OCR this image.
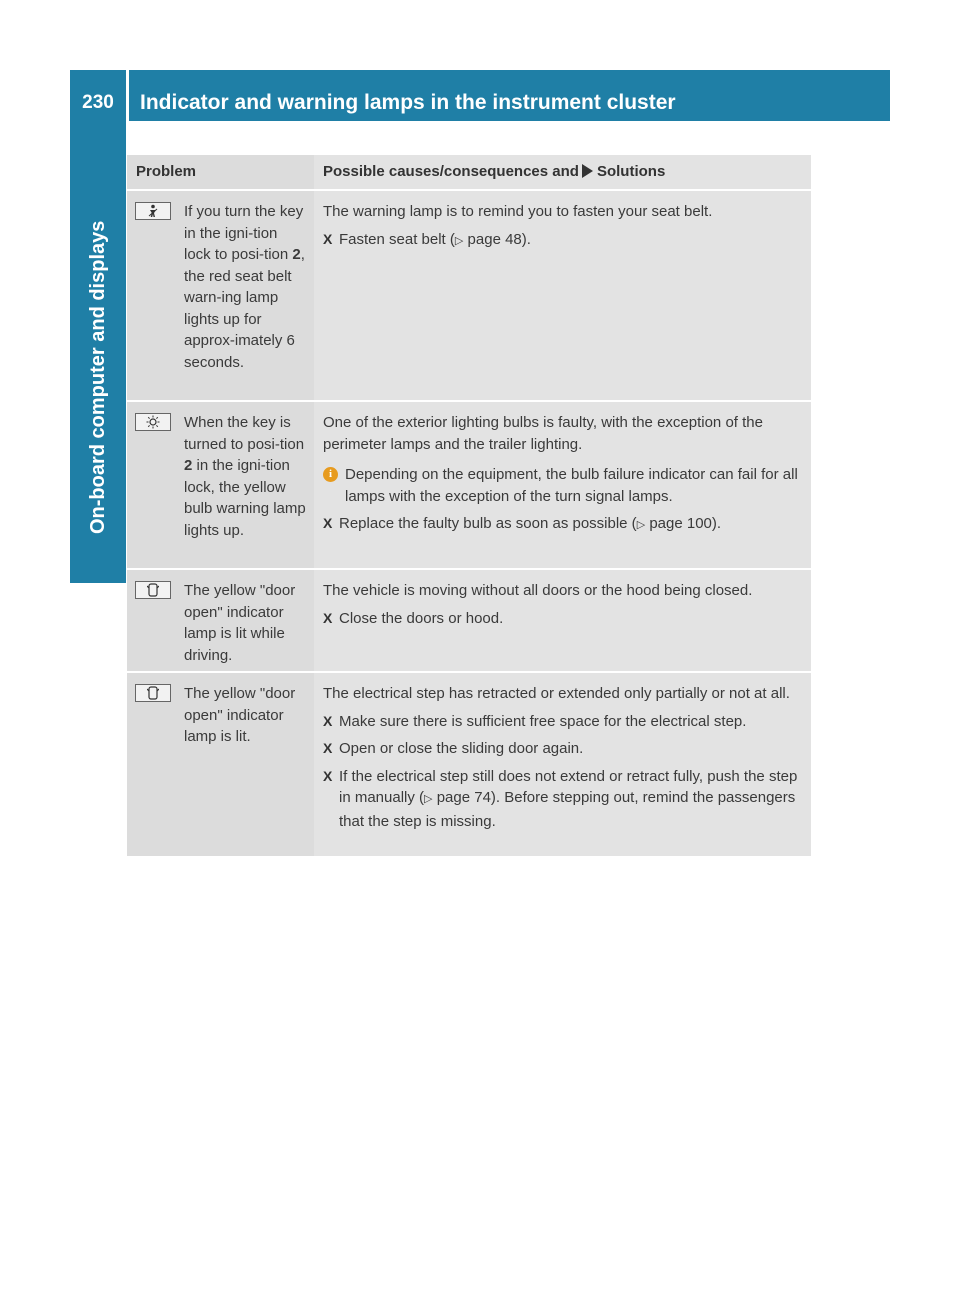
230	Indicator and warning lamps in the instrument cluster
On-board computer and displays
Problem	Possible causes/consequences and Solutions
If you turn the key in the igni-tion lock to posi-tion 2, the red seat belt warn-ing lamp lights up for approx-imately 6 seconds.

The warning lamp is to remind you to fasten your seat belt.

X Fasten seat belt (▷ page 48).
When the key is turned to posi-tion 2 in the igni-tion lock, the yellow bulb warning lamp lights up.

One of the exterior lighting bulbs is faulty, with the exception of the perimeter lamps and the trailer lighting.

i Depending on the equipment, the bulb failure indicator can fail for all lamps with the exception of the turn signal lamps.
X Replace the faulty bulb as soon as possible (▷ page 100).
The yellow "door open" indicator lamp is lit while driving.

The vehicle is moving without all doors or the hood being closed.

X Close the doors or hood.
The yellow "door open" indicator lamp is lit.

The electrical step has retracted or extended only partially or not at all.

X Make sure there is sufficient free space for the electrical step.
X Open or close the sliding door again.
X If the electrical step still does not extend or retract fully, push the step in manually (▷ page 74). Before stepping out, remind the passengers that the step is missing.
